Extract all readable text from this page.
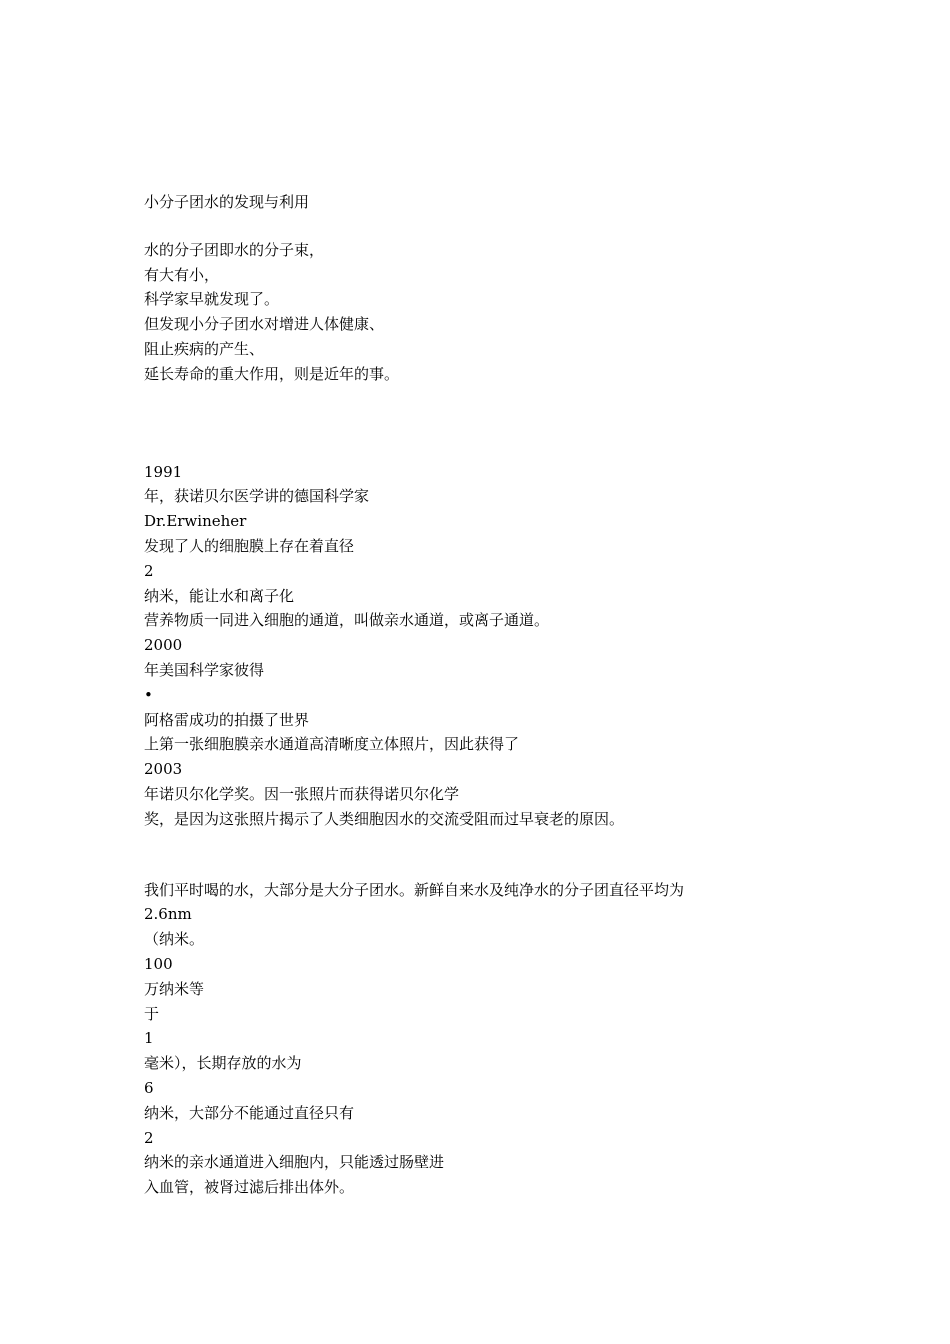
小分子团水的发现与利用
水的分子团即水的分子束，
有大有小，
科学家早就发现了。
但发现小分子团水对增进人体健康、
阻止疾病的产生、
延长寿命的重大作用，则是近年的事。
1991
年，获诺贝尔医学讲的德国科学家
Dr.Erwineher
发现了人的细胞膜上存在着直径
2
纳米，能让水和离子化
营养物质一同进入细胞的通道，叫做亲水通道，或离子通道。
2000
年美国科学家彼得
•
阿格雷成功的拍摄了世界
上第一张细胞膜亲水通道高清晰度立体照片，因此获得了
2003
年诺贝尔化学奖。因一张照片而获得诺贝尔化学
奖，是因为这张照片揭示了人类细胞因水的交流受阻而过早衰老的原因。
我们平时喝的水，大部分是大分子团水。新鲜自来水及纯净水的分子团直径平均为
2.6nm
（纳米。
100
万纳米等
于
1
毫米），长期存放的水为
6
纳米，大部分不能通过直径只有
2
纳米的亲水通道进入细胞内，只能透过肠壁进
入血管，被肾过滤后排出体外。
